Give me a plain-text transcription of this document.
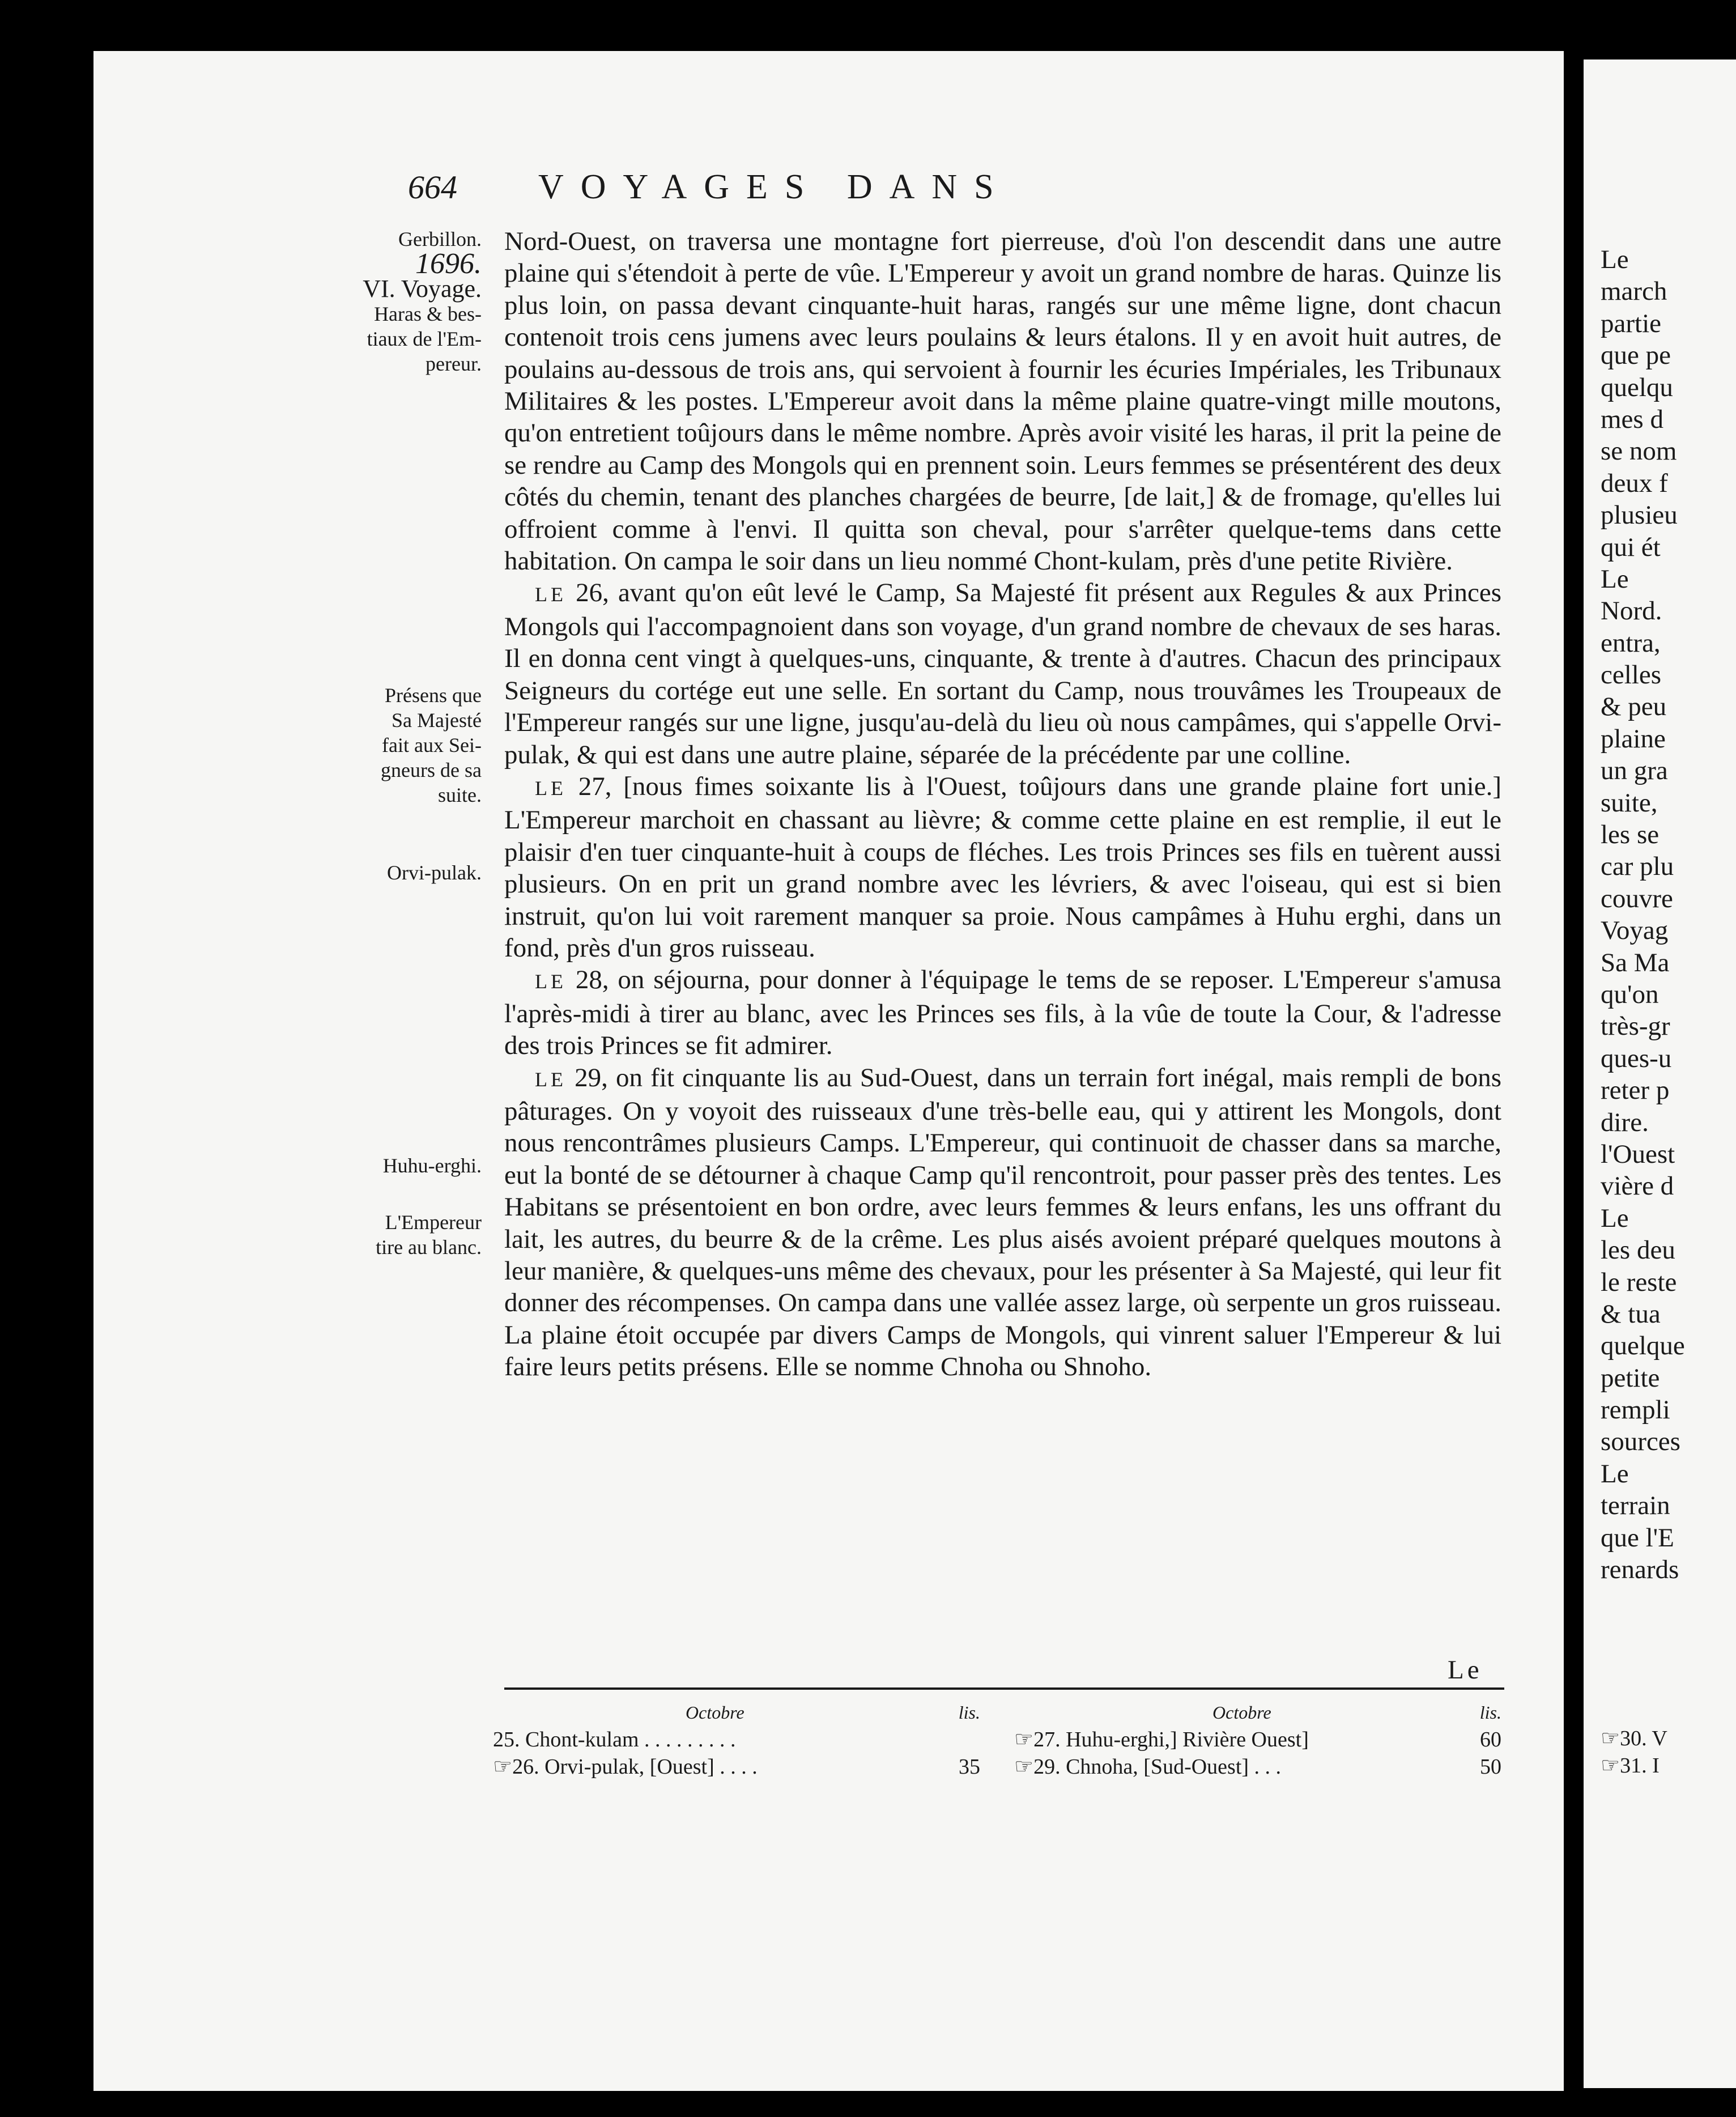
Le
march
partie
que pe
quelqu
mes d
se nom
deux f
plusieu
qui ét
Le
Nord.
entra,
celles
& peu
plaine
un gra
suite,
les se
car plu
couvre
Voyag
Sa Ma
qu'on
très-gr
ques-u
reter p
dire.
l'Ouest
vière d
Le
les deu
le reste
& tua
quelque
petite
rempli
sources
Le
terrain
que l'E
renards
☞30. V
☞31. I
664	VOYAGES DANS
Gerbillon.
1696.
VI. Voyage.
Haras & bes-
tiaux de l'Em-
pereur.
Présens que
Sa Majesté
fait aux Sei-
gneurs de sa
suite.
Orvi-pulak.
Huhu-erghi.
L'Empereur
tire au blanc.

Nord-Ouest, on traversa une montagne fort pierreuse, d'où l'on descendit dans une autre plaine qui s'étendoit à perte de vûe. L'Empereur y avoit un grand nombre de haras. Quinze lis plus loin, on passa devant cinquante-huit haras, rangés sur une même ligne, dont chacun contenoit trois cens jumens avec leurs poulains & leurs étalons. Il y en avoit huit autres, de poulains au-dessous de trois ans, qui servoient à fournir les écuries Impériales, les Tribunaux Militaires & les postes. L'Empereur avoit dans la même plaine quatre-vingt mille moutons, qu'on entretient toûjours dans le même nombre. Après avoir visité les haras, il prit la peine de se rendre au Camp des Mongols qui en prennent soin. Leurs femmes se présentérent des deux côtés du chemin, tenant des planches chargées de beurre, [de lait,] & de fromage, qu'elles lui offroient comme à l'envi. Il quitta son cheval, pour s'arrêter quelque-tems dans cette habitation. On campa le soir dans un lieu nommé Chont-kulam, près d'une petite Rivière.

LE 26, avant qu'on eût levé le Camp, Sa Majesté fit présent aux Regules & aux Princes Mongols qui l'accompagnoient dans son voyage, d'un grand nombre de chevaux de ses haras. Il en donna cent vingt à quelques-uns, cinquante, & trente à d'autres. Chacun des principaux Seigneurs du cortége eut une selle. En sortant du Camp, nous trouvâmes les Troupeaux de l'Empereur rangés sur une ligne, jusqu'au-delà du lieu où nous campâmes, qui s'appelle Orvi-pulak, & qui est dans une autre plaine, séparée de la précédente par une colline.

LE 27, [nous fimes soixante lis à l'Ouest, toûjours dans une grande plaine fort unie.] L'Empereur marchoit en chassant au lièvre; & comme cette plaine en est remplie, il eut le plaisir d'en tuer cinquante-huit à coups de fléches. Les trois Princes ses fils en tuèrent aussi plusieurs. On en prit un grand nombre avec les lévriers, & avec l'oiseau, qui est si bien instruit, qu'on lui voit rarement manquer sa proie. Nous campâmes à Huhu erghi, dans un fond, près d'un gros ruisseau.

LE 28, on séjourna, pour donner à l'équipage le tems de se reposer. L'Empereur s'amusa l'après-midi à tirer au blanc, avec les Princes ses fils, à la vûe de toute la Cour, & l'adresse des trois Princes se fit admirer.

LE 29, on fit cinquante lis au Sud-Ouest, dans un terrain fort inégal, mais rempli de bons pâturages. On y voyoit des ruisseaux d'une très-belle eau, qui y attirent les Mongols, dont nous rencontrâmes plusieurs Camps. L'Empereur, qui continuoit de chasser dans sa marche, eut la bonté de se détourner à chaque Camp qu'il rencontroit, pour passer près des tentes. Les Habitans se présentoient en bon ordre, avec leurs femmes & leurs enfans, les uns offrant du lait, les autres, du beurre & de la crême. Les plus aisés avoient préparé quelques moutons à leur manière, & quelques-uns même des chevaux, pour les présenter à Sa Majesté, qui leur fit donner des récompenses. On campa dans une vallée assez large, où serpente un gros ruisseau. La plaine étoit occupée par divers Camps de Mongols, qui vinrent saluer l'Empereur & lui faire leurs petits présens. Elle se nomme Chnoha ou Shnoho.

Le
Octobre	lis.
25. Chont-kulam . . . . . . . . .
☞26. Orvi-pulak, [Ouest] . . . .	35
Octobre	lis.
☞27. Huhu-erghi,] Rivière Ouest]	60
☞29. Chnoha, [Sud-Ouest] . . .	50
